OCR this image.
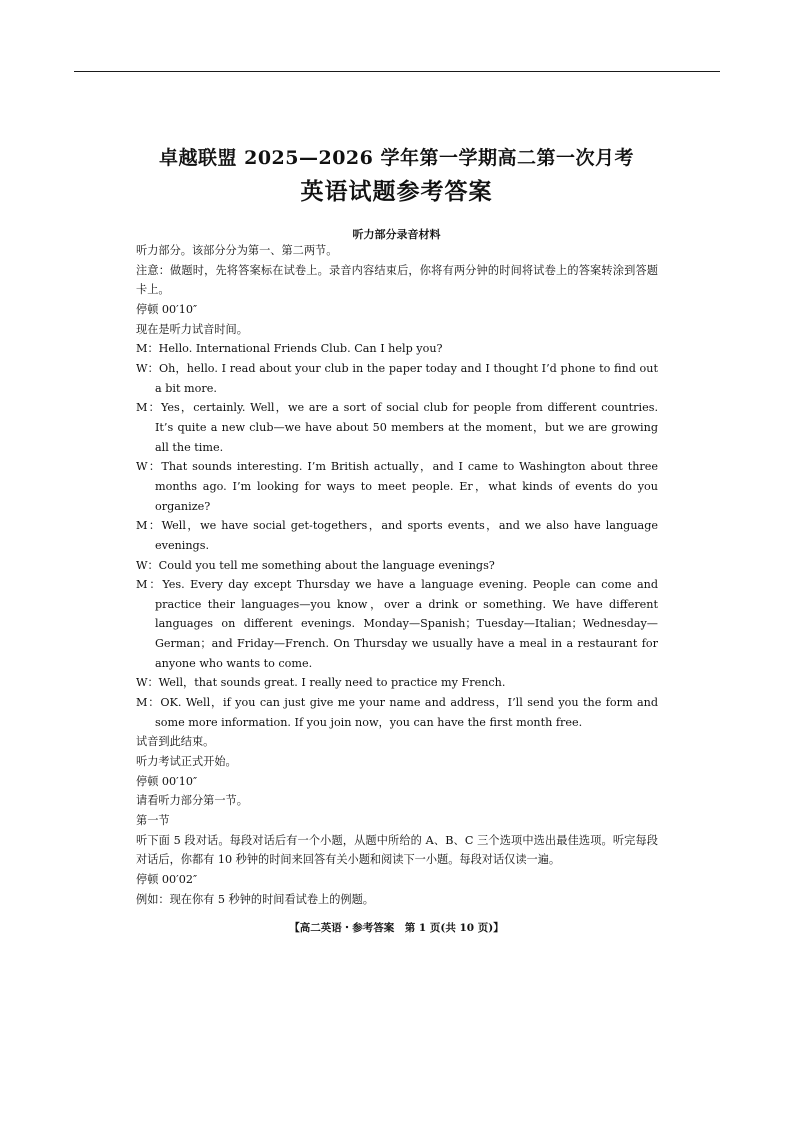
卓越联盟 2025—2026 学年第一学期高二第一次月考
英语试题参考答案
听力部分录音材料
听力部分。该部分分为第一、第二两节。
注意：做题时，先将答案标在试卷上。录音内容结束后，你将有两分钟的时间将试卷上的答案转涂到答题卡上。
停顿 00′10″
现在是听力试音时间。
M：Hello. International Friends Club. Can I help you?
W：Oh，hello. I read about your club in the paper today and I thought I’d phone to find out a bit more.
M：Yes，certainly. Well，we are a sort of social club for people from different countries. It’s quite a new club—we have about 50 members at the moment，but we are growing all the time.
W：That sounds interesting. I’m British actually，and I came to Washington about three months ago. I’m looking for ways to meet people. Er，what kinds of events do you organize?
M：Well，we have social get-togethers，and sports events，and we also have language evenings.
W：Could you tell me something about the language evenings?
M：Yes. Every day except Thursday we have a language evening. People can come and practice their languages—you know，over a drink or something. We have different languages on different evenings. Monday—Spanish；Tuesday—Italian；Wednesday—German；and Friday—French. On Thursday we usually have a meal in a restaurant for anyone who wants to come.
W：Well，that sounds great. I really need to practice my French.
M：OK. Well，if you can just give me your name and address，I’ll send you the form and some more information. If you join now，you can have the first month free.
试音到此结束。
听力考试正式开始。
停顿 00′10″
请看听力部分第一节。
第一节
听下面 5 段对话。每段对话后有一个小题，从题中所给的 A、B、C 三个选项中选出最佳选项。听完每段对话后，你都有 10 秒钟的时间来回答有关小题和阅读下一小题。每段对话仅读一遍。
停顿 00′02″
例如：现在你有 5 秒钟的时间看试卷上的例题。
【高二英语・参考答案　第 1 页(共 10 页)】
